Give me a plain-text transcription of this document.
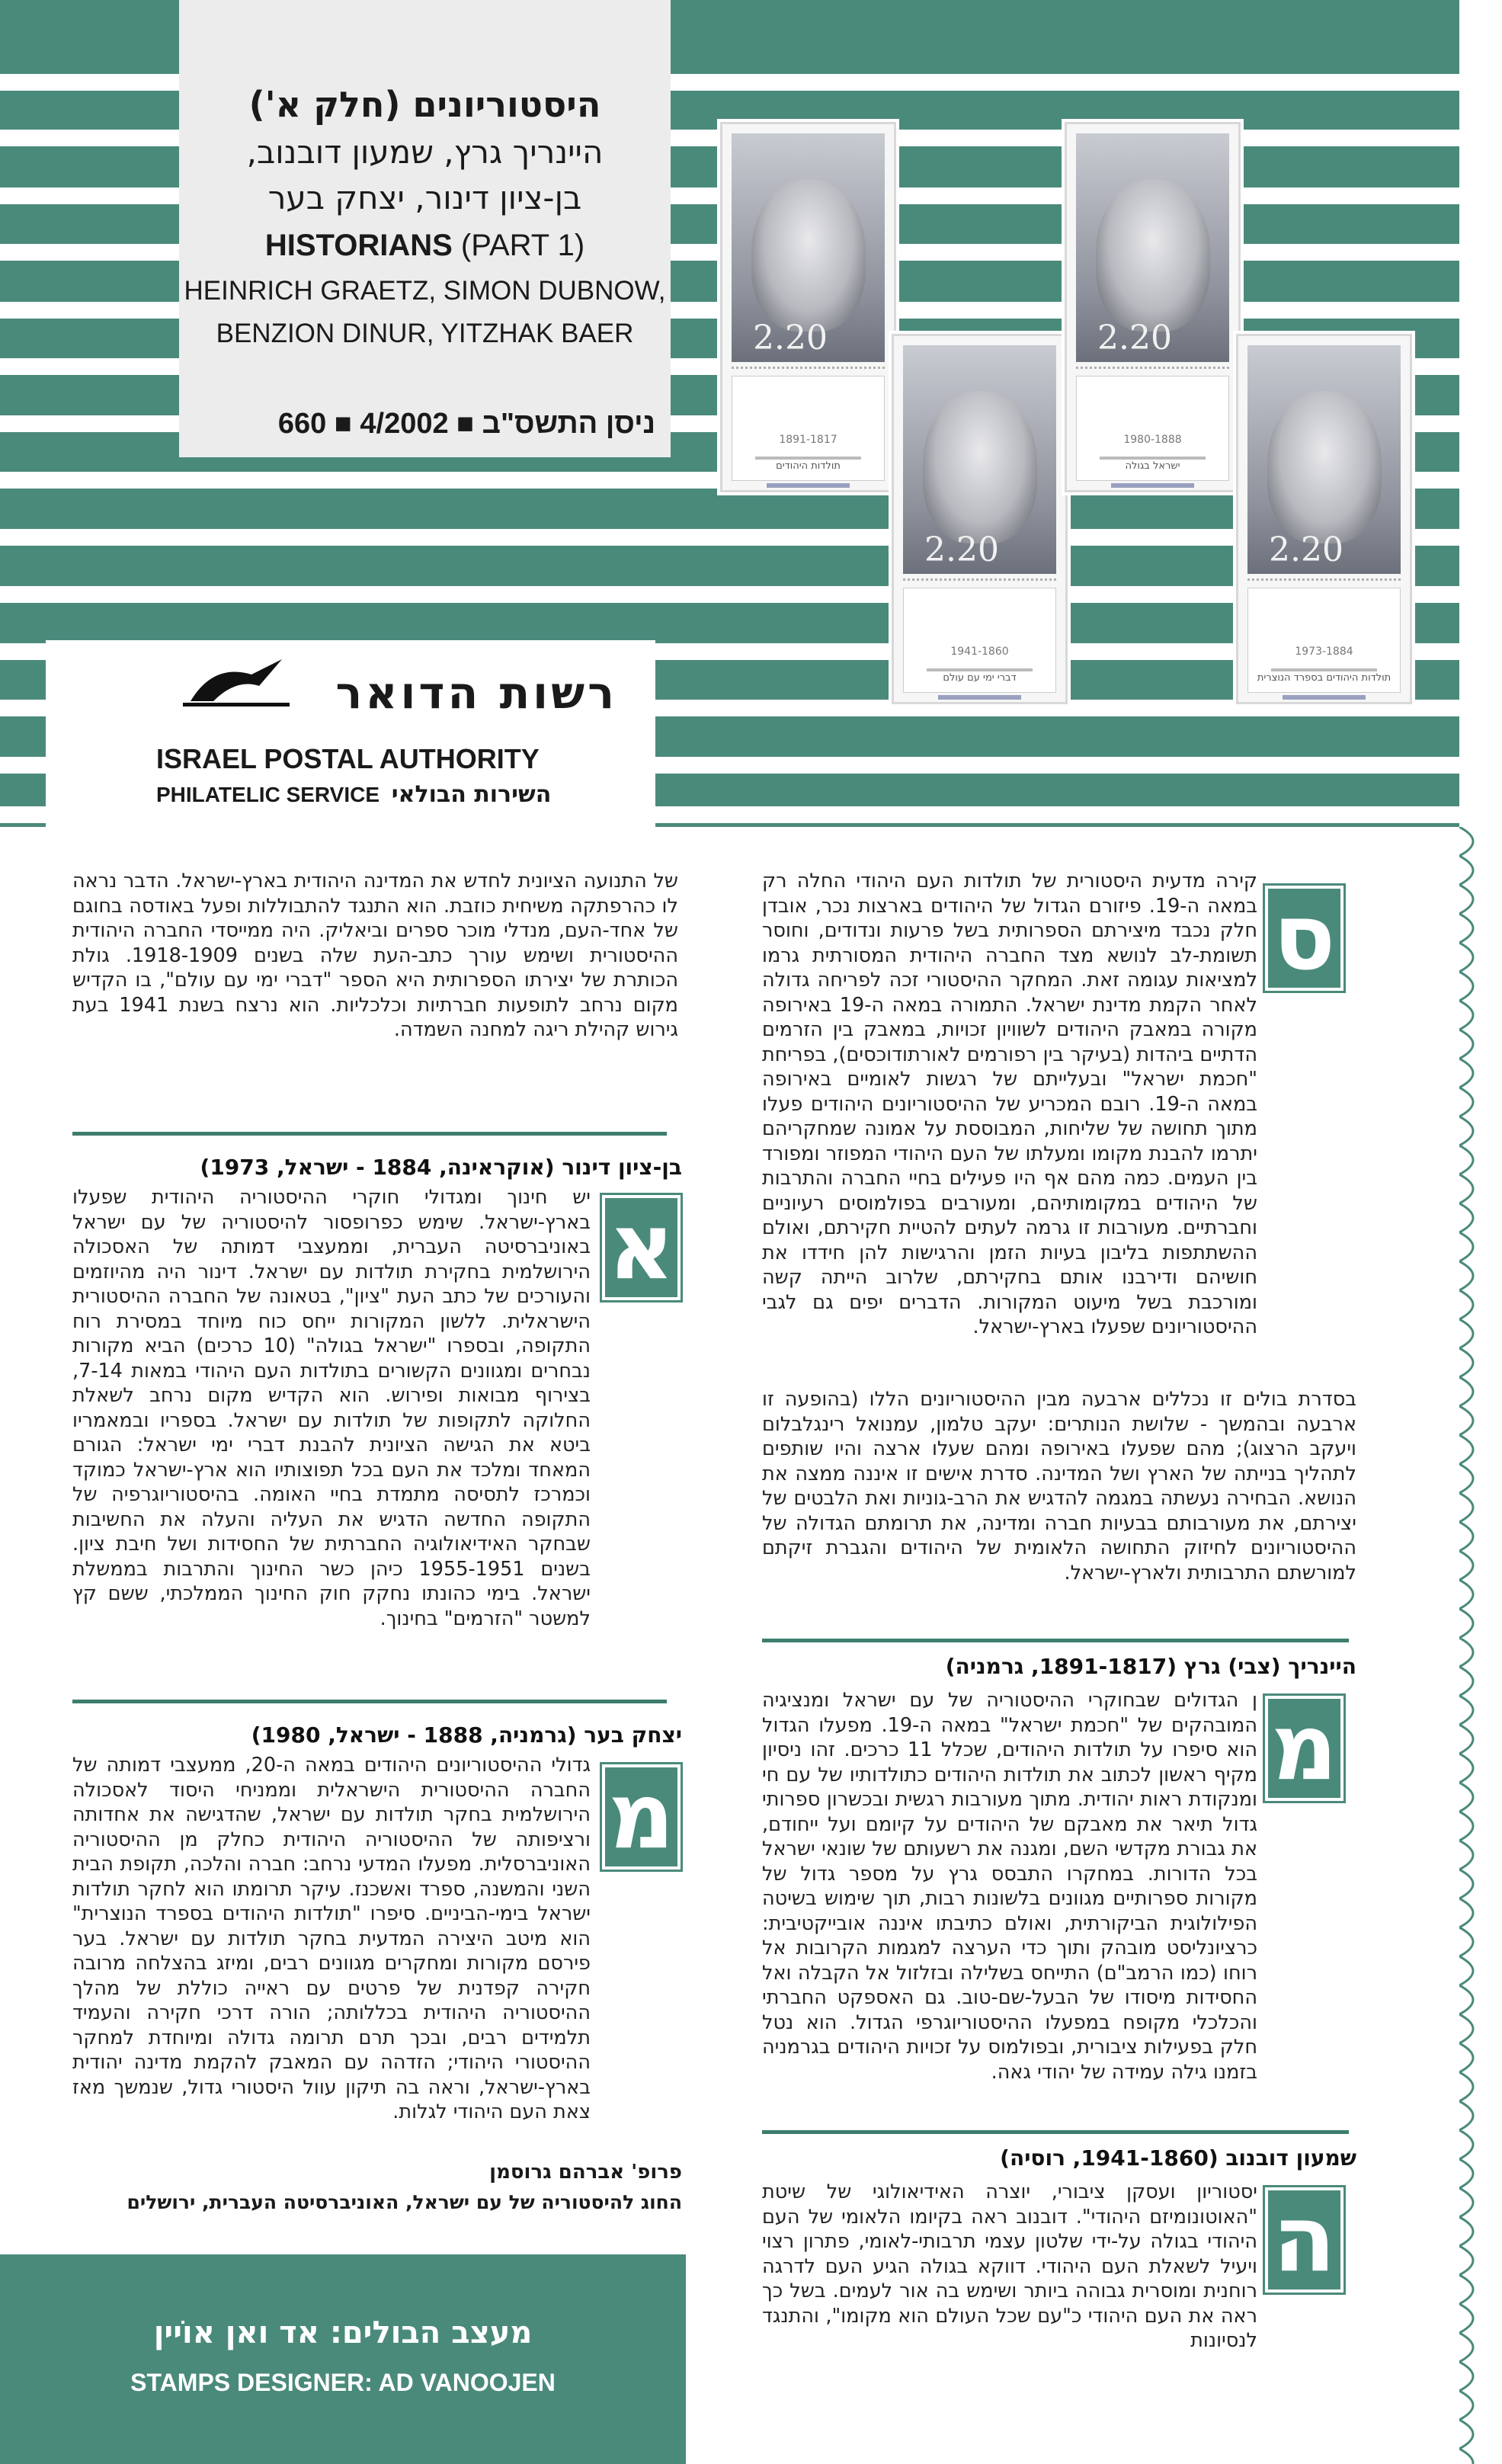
היסטוריונים (חלק א')
היינריך גרץ, שמעון דובנוב,
בן-ציון דינור, יצחק בער
HISTORIANS (PART 1)
HEINRICH GRAETZ, SIMON DUBNOW,
BENZION DINUR, YITZHAK BAER
660 ■ 4/2002 ■ ניסן התשס"ב
2.20
1891-1817
תולדות היהודים
2.20
1941-1860
דברי ימי עם עולם
2.20
1980-1888
ישראל בגולה
2.20
1973-1884
תולדות היהודים בספרד הנוצרית
רשות הדואר
ISRAEL POSTAL AUTHORITY
PHILATELIC SERVICE השירות הבולאי
ס
קירה מדעית היסטורית של תולדות העם היהודי החלה רק במאה ה-19. פיזורם הגדול של היהודים בארצות נכר, אובדן חלק נכבד מיצירתם הספרותית בשל פרעות ונדודים, וחוסר תשומת-לב לנושא מצד החברה היהודית המסורתית גרמו למציאות עגומה זאת. המחקר ההיסטורי זכה לפריחה גדולה לאחר הקמת מדינת ישראל. התמורה במאה ה-19 באירופה מקורה במאבק היהודים לשוויון זכויות, במאבק בין הזרמים הדתיים ביהדות (בעיקר בין רפורמים לאורתודוכסים), בפריחת "חכמת ישראל" ובעלייתם של רגשות לאומיים באירופה במאה ה-19. רובם המכריע של ההיסטוריונים היהודים פעלו מתוך תחושה של שליחות, המבוססת על אמונה שמחקריהם יתרמו להבנת מקומו ומעלתו של העם היהודי המפוזר ומפורד בין העמים. כמה מהם אף היו פעילים בחיי החברה והתרבות של היהודים במקומותיהם, ומעורבים בפולמוסים רעיוניים וחברתיים. מעורבות זו גרמה לעתים להטיית חקירתם, ואולם ההשתתפות בליבון בעיות הזמן והרגישות להן חידדו את חושיהם ודירבנו אותם בחקירתם, שלרוב הייתה קשה ומורכבת בשל מיעוט המקורות. הדברים יפים גם לגבי ההיסטוריונים שפעלו בארץ-ישראל.
בסדרת בולים זו נכללים ארבעה מבין ההיסטוריונים הללו (בהופעה זו ארבעה ובהמשך - שלושת הנותרים: יעקב טלמון, עמנואל רינגלבלום ויעקב הרצוג); מהם שפעלו באירופה ומהם שעלו ארצה והיו שותפים לתהליך בנייתה של הארץ ושל המדינה. סדרת אישים זו איננה ממצה את הנושא. הבחירה נעשתה במגמה להדגיש את הרב-גוניות ואת הלבטים של יצירתם, את מעורבותם בבעיות חברה ומדינה, את תרומתם הגדולה של ההיסטוריונים לחיזוק התחושה הלאומית של היהודים והגברת זיקתם למורשתם התרבותית ולארץ-ישראל.
היינריך (צבי) גרץ (1891-1817, גרמניה)
מ
ן הגדולים שבחוקרי ההיסטוריה של עם ישראל ומנציגיה המובהקים של "חכמת ישראל" במאה ה-19. מפעלו הגדול הוא סיפרו על תולדות היהודים, שכלל 11 כרכים. זהו ניסיון מקיף ראשון לכתוב את תולדות היהודים כתולדותיו של עם חי ומנקודת ראות יהודית. מתוך מעורבות רגשית ובכשרון ספרותי גדול תיאר את מאבקם של היהודים על קיומם ועל ייחודם, את גבורת מקדשי השם, ומגנה את רשעותם של שונאי ישראל בכל הדורות. במחקרו התבסס גרץ על מספר גדול של מקורות ספרותיים מגוונים בלשונות רבות, תוך שימוש בשיטה הפילולוגית הביקורתית, ואולם כתיבתו איננה אובייקטיבית: כרציונליסט מובהק ותוך כדי הערצה למגמות הקרובות אל רוחו (כמו הרמב"ם) התייחס בשלילה ובזלזול אל הקבלה ואל החסידות מיסודו של הבעל-שם-טוב. גם האספקט החברתי והכלכלי מקופח במפעלו ההיסטוריוגרפי הגדול. הוא נטל חלק בפעילות ציבורית, ובפולמוס על זכויות היהודים בגרמניה בזמנו גילה עמידה של יהודי גאה.
שמעון דובנוב (1941-1860, רוסיה)
ה
יסטוריון ועסקן ציבורי, יוצרה האידיאולוגי של שיטת "האוטונומיזם היהודי". דובנוב ראה בקיומו הלאומי של העם היהודי בגולה על-ידי שלטון עצמי תרבותי-לאומי, פתרון רצוי ויעיל לשאלת העם היהודי. דווקא בגולה הגיע העם לדרגה רוחנית ומוסרית גבוהה ביותר ושימש בה אור לעמים. בשל כך ראה את העם היהודי כ"עם שכל העולם הוא מקומו", והתנגד לנסיונות
של התנועה הציונית לחדש את המדינה היהודית בארץ-ישראל. הדבר נראה לו כהרפתקה משיחית כוזבת. הוא התנגד להתבוללות ופעל באודסה בחוגם של אחד-העם, מנדלי מוכר ספרים וביאליק. היה ממייסדי החברה היהודית ההיסטורית ושימש עורך כתב-העת שלה בשנים 1918-1909. גולת הכותרת של יצירתו הספרותית היא הספר "דברי ימי עם עולם", בו הקדיש מקום נרחב לתופעות חברתיות וכלכליות. הוא נרצח בשנת 1941 בעת גירוש קהילת ריגה למחנה השמדה.
בן-ציון דינור (אוקראינה, 1884 - ישראל, 1973)
א
יש חינוך ומגדולי חוקרי ההיסטוריה היהודית שפעלו בארץ-ישראל. שימש כפרופסור להיסטוריה של עם ישראל באוניברסיטה העברית, וממעצבי דמותה של האסכולה הירושלמית בחקירת תולדות עם ישראל. דינור היה מהיוזמים והעורכים של כתב העת "ציון", בטאונה של החברה ההיסטורית הישראלית. ללשון המקורות ייחס כוח מיוחד במסירת רוח התקופה, ובספרו "ישראל בגולה" (10 כרכים) הביא מקורות נבחרים ומגוונים הקשורים בתולדות העם היהודי במאות 7-14, בצירוף מבואות ופירוש. הוא הקדיש מקום נרחב לשאלת החלוקה לתקופות של תולדות עם ישראל. בספריו ובמאמריו ביטא את הגישה הציונית להבנת דברי ימי ישראל: הגורם המאחד ומלכד את העם בכל תפוצותיו הוא ארץ-ישראל כמוקד וכמרכז לתסיסה מתמדת בחיי האומה. בהיסטוריוגרפיה של התקופה החדשה הדגיש את העליה והעלה את החשיבות שבחקר האידיאולוגיה החברתית של החסידות ושל חיבת ציון. בשנים 1955-1951 כיהן כשר החינוך והתרבות בממשלת ישראל. בימי כהונתו נחקק חוק החינוך הממלכתי, ששם קץ למשטר "הזרמים" בחינוך.
יצחק בער (גרמניה, 1888 - ישראל, 1980)
מ
גדולי ההיסטוריונים היהודים במאה ה-20, ממעצבי דמותה של החברה ההיסטורית הישראלית וממניחי היסוד לאסכולה הירושלמית בחקר תולדות עם ישראל, שהדגישה את אחדותה ורציפותה של ההיסטוריה היהודית כחלק מן ההיסטוריה האוניברסלית. מפעלו המדעי נרחב: חברה והלכה, תקופת הבית השני והמשנה, ספרד ואשכנז. עיקר תרומתו הוא לחקר תולדות ישראל בימי-הביניים. סיפרו "תולדות היהודים בספרד הנוצרית" הוא מיטב היצירה המדעית בחקר תולדות עם ישראל. בער פירסם מקורות ומחקרים מגוונים רבים, ומיזג בהצלחה מרובה חקירה קפדנית של פרטים עם ראייה כוללת של מהלך ההיסטוריה היהודית בכללותה; הורה דרכי חקירה והעמיד תלמידים רבים, ובכך תרם תרומה גדולה ומיוחדת למחקר ההיסטורי היהודי; הזדהה עם המאבק להקמת מדינה יהודית בארץ-ישראל, וראה בה תיקון עוול היסטורי גדול, שנמשך מאז צאת העם היהודי לגלות.
פרופ' אברהם גרוסמן
החוג להיסטוריה של עם ישראל, האוניברסיטה העברית, ירושלים
מעצב הבולים: אד ואן אוֹיין
STAMPS DESIGNER: AD VANOOJEN
